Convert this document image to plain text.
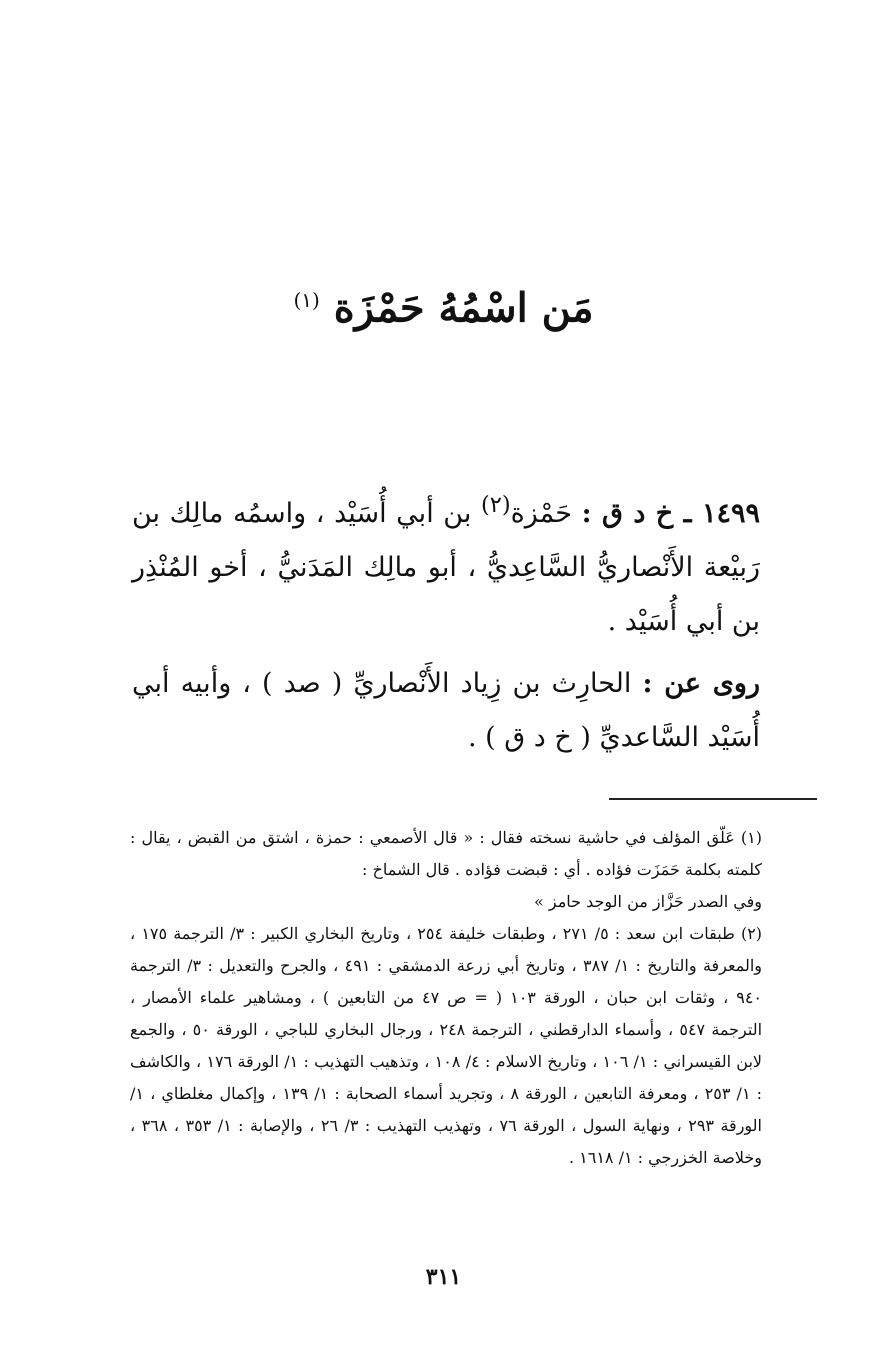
مَن اسْمُهُ حَمْزَة $^{(١)}$

١٤٩٩ ـ خ د ق : حَمْزة$^{(٢)}$ بن أبي أُسَيْد ، واسمُه مالِك بن رَبيْعة الأَنْصاريُّ السَّاعِديُّ ، أبو مالِك المَدَنيُّ ، أخو المُنْذِر بن أبي أُسَيْد .

روى عن : الحارِث بن زِياد الأَنْصاريِّ ( صد ) ، وأبيه أبي أُسَيْد السَّاعديِّ ( خ د ق ) .

(١) عَلّق المؤلف في حاشية نسخته فقال : « قال الأصمعي : حمزة ، اشتق من القبض ، يقال : كلمته بكلمة حَمَزَت فؤاده . أي : قبضت فؤاده . قال الشماخ :

وفي الصدر حَزَّاز من الوجد حامز »

(٢) طبقات ابن سعد : ٥/ ٢٧١ ، وطبقات خليفة ٢٥٤ ، وتاريخ البخاري الكبير : ٣/ الترجمة ١٧٥ ، والمعرفة والتاريخ : ١/ ٣٨٧ ، وتاريخ أبي زرعة الدمشقي : ٤٩١ ، والجرح والتعديل : ٣/ الترجمة ٩٤٠ ، وثقات ابن حبان ، الورقة ١٠٣ ( = ص ٤٧ من التابعين ) ، ومشاهير علماء الأمصار ، الترجمة ٥٤٧ ، وأسماء الدارقطني ، الترجمة ٢٤٨ ، ورجال البخاري للباجي ، الورقة ٥٠ ، والجمع لابن القيسراني : ١/ ١٠٦ ، وتاريخ الاسلام : ٤/ ١٠٨ ، وتذهيب التهذيب : ١/ الورقة ١٧٦ ، والكاشف : ١/ ٢٥٣ ، ومعرفة التابعين ، الورقة ٨ ، وتجريد أسماء الصحابة : ١/ ١٣٩ ، وإكمال مغلطاي ، ١/ الورقة ٢٩٣ ، ونهاية السول ، الورقة ٧٦ ، وتهذيب التهذيب : ٣/ ٢٦ ، والإصابة : ١/ ٣٥٣ ، ٣٦٨ ، وخلاصة الخزرجي : ١/ ١٦١٨ .

٣١١
